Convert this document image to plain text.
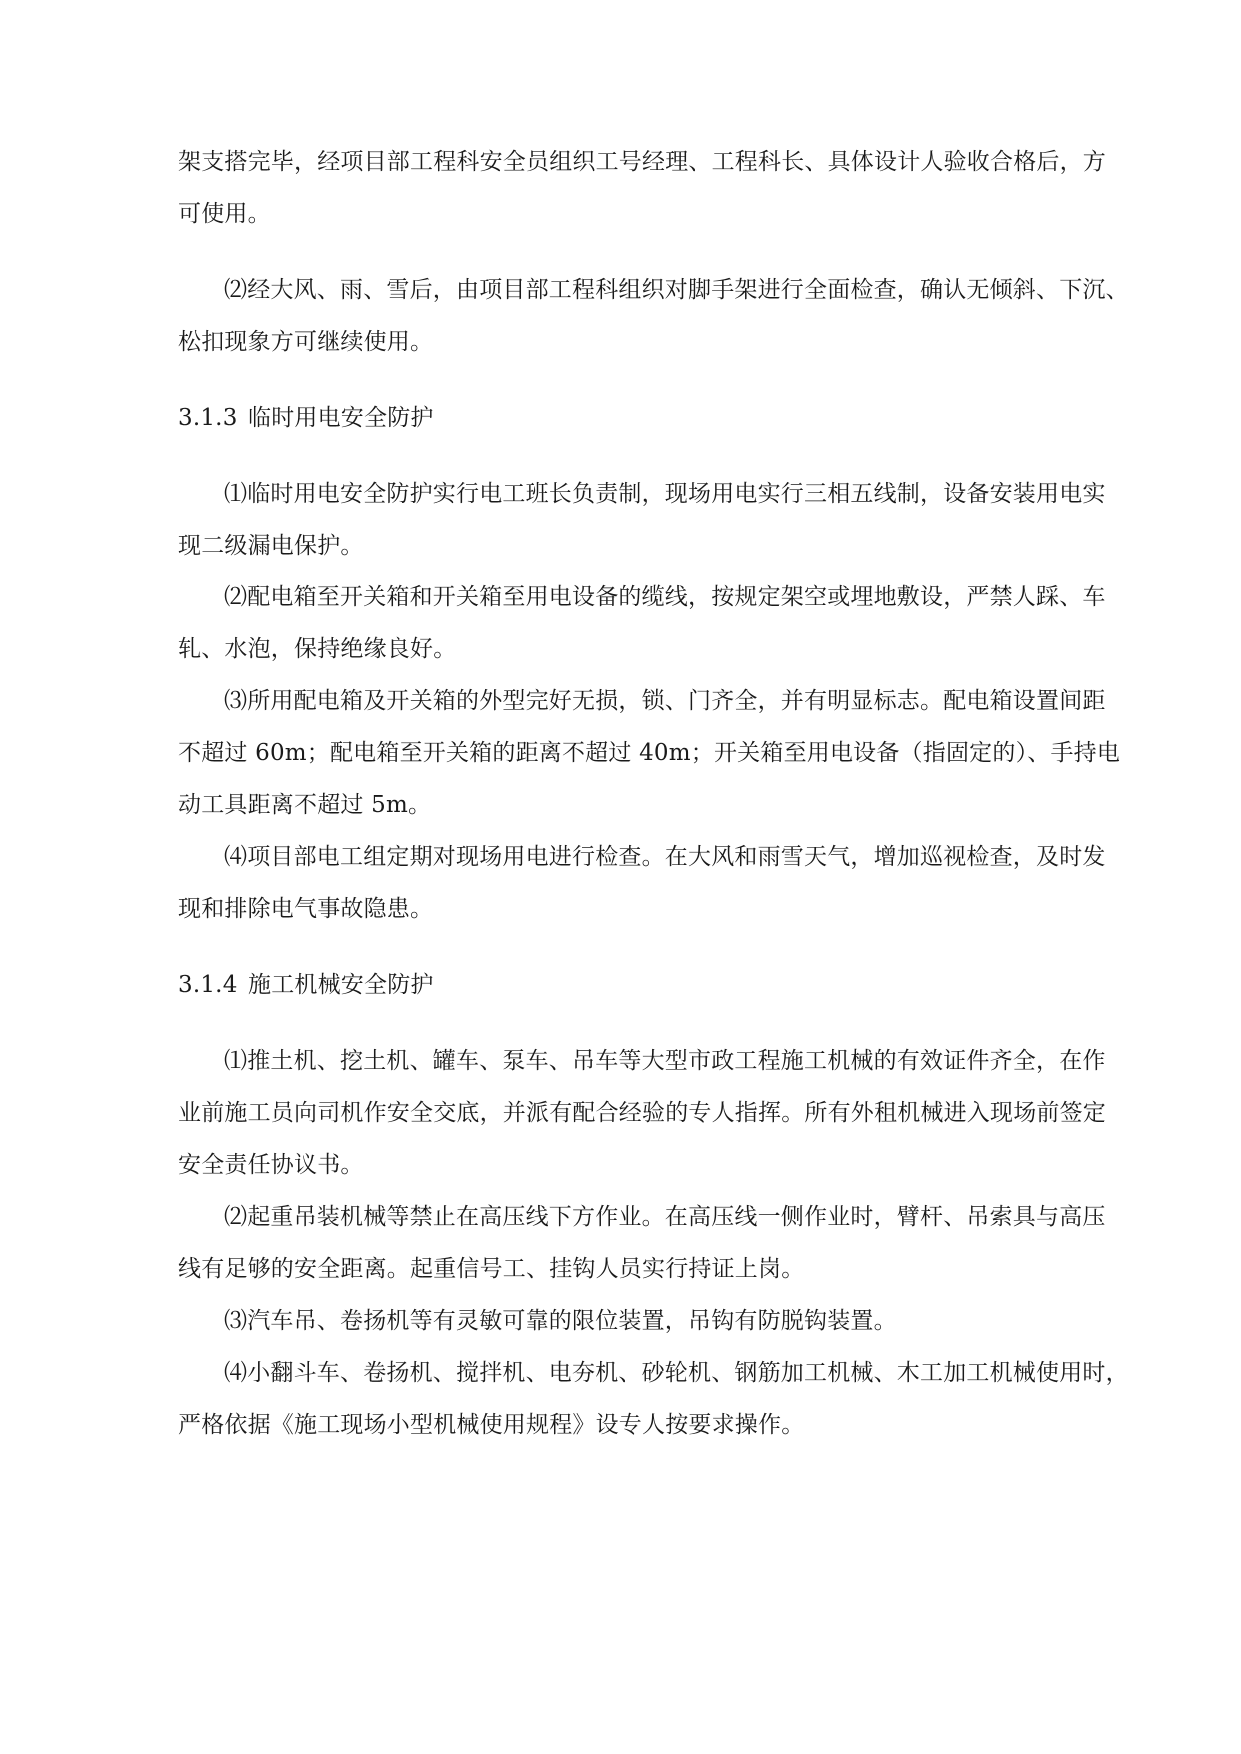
架支搭完毕，经项目部工程科安全员组织工号经理、工程科长、具体设计人验收合格后，方
可使用。
⑵经大风、雨、雪后，由项目部工程科组织对脚手架进行全面检查，确认无倾斜、下沉、
松扣现象方可继续使用。
3.1.3 临时用电安全防护
⑴临时用电安全防护实行电工班长负责制，现场用电实行三相五线制，设备安装用电实
现二级漏电保护。
⑵配电箱至开关箱和开关箱至用电设备的缆线，按规定架空或埋地敷设，严禁人踩、车
轧、水泡，保持绝缘良好。
⑶所用配电箱及开关箱的外型完好无损，锁、门齐全，并有明显标志。配电箱设置间距
不超过 60m；配电箱至开关箱的距离不超过 40m；开关箱至用电设备（指固定的）、手持电
动工具距离不超过 5m。
⑷项目部电工组定期对现场用电进行检查。在大风和雨雪天气，增加巡视检查，及时发
现和排除电气事故隐患。
3.1.4 施工机械安全防护
⑴推土机、挖土机、罐车、泵车、吊车等大型市政工程施工机械的有效证件齐全，在作
业前施工员向司机作安全交底，并派有配合经验的专人指挥。所有外租机械进入现场前签定
安全责任协议书。
⑵起重吊装机械等禁止在高压线下方作业。在高压线一侧作业时，臂杆、吊索具与高压
线有足够的安全距离。起重信号工、挂钩人员实行持证上岗。
⑶汽车吊、卷扬机等有灵敏可靠的限位装置，吊钩有防脱钩装置。
⑷小翻斗车、卷扬机、搅拌机、电夯机、砂轮机、钢筋加工机械、木工加工机械使用时，
严格依据《施工现场小型机械使用规程》设专人按要求操作。
